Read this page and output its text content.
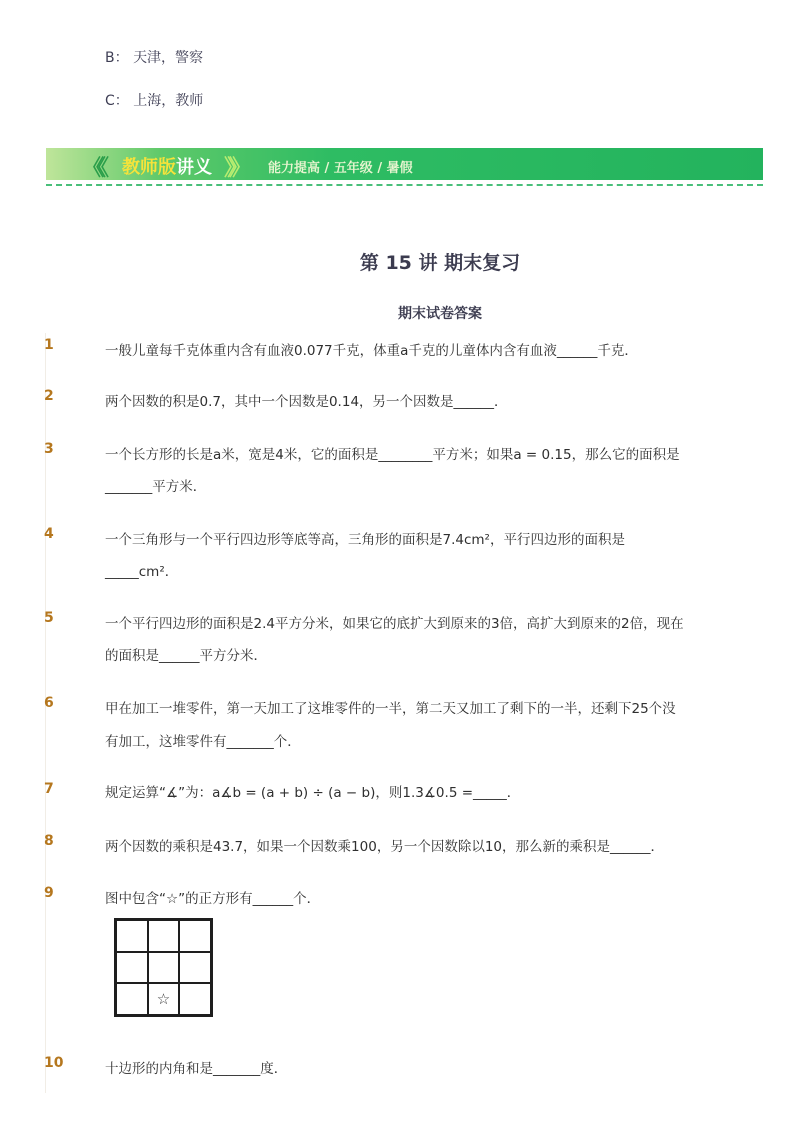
B： 天津，警察
C： 上海，教师
《《 教师版讲义 》》 能力提高 / 五年级 / 暑假
第 15 讲 期末复习
期末试卷答案
1	一般儿童每千克体重内含有血液0.077千克，体重a千克的儿童体内含有血液______千克．
2	两个因数的积是0.7，其中一个因数是0.14，另一个因数是______．
3	一个长方形的长是a米，宽是4米，它的面积是________平方米；如果a = 0.15，那么它的面积是
_______平方米．
4	一个三角形与一个平行四边形等底等高，三角形的面积是7.4cm²，平行四边形的面积是
_____cm²．
5	一个平行四边形的面积是2.4平方分米，如果它的底扩大到原来的3倍，高扩大到原来的2倍，现在
的面积是______平方分米．
6	甲在加工一堆零件，第一天加工了这堆零件的一半，第二天又加工了剩下的一半，还剩下25个没
有加工，这堆零件有_______个．
7	规定运算“∡”为：a∡b = (a + b) ÷ (a − b)，则1.3∡0.5 =_____．
8	两个因数的乘积是43.7，如果一个因数乘100，另一个因数除以10，那么新的乘积是______．
9	图中包含“☆”的正方形有______个．
10	十边形的内角和是_______度．
☆
